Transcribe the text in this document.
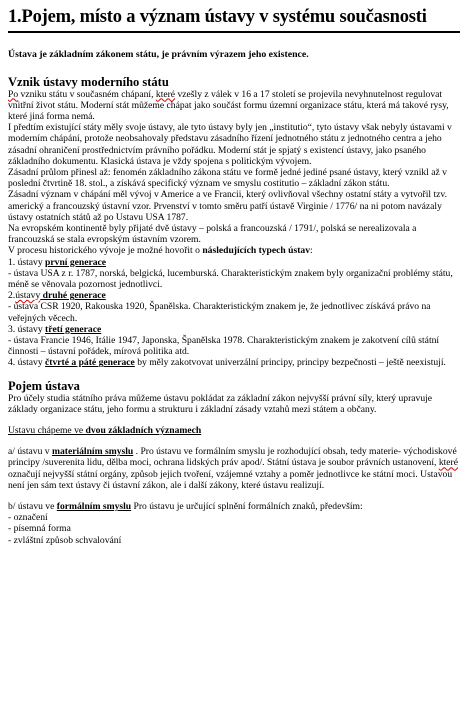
1.Pojem, místo a význam ústavy v systému současnosti

Ústava je základním zákonem státu, je právním výrazem jeho existence.

Vznik ústavy moderního státu

Po vzniku státu v současném chápaní, které vzešly z válek v 16 a 17 století se projevila nevyhnutelnost regulovat vnitřní život státu. Moderní stát můžeme chápat jako součást formu územní organizace státu, která má takové rysy, které jiná forma nemá.

I předtím existující státy měly svoje ústavy, ale tyto ústavy byly jen „institutio“, tyto ústavy však nebyly ústavami v moderním chápání, protože neobsahovaly představu zásadního řízení jednotného státu z jednotného centra a jeho zásadní ohraničení prostřednictvím právního pořádku. Moderní stát je spjatý s existencí ústavy, jako psaného základního dokumentu. Klasická ústava je vždy spojena s politickým vývojem.

Zásadní průlom přinesl až: fenomén základního zákona státu ve formě jedné jediné psané ústavy, který vznikl až v poslední čtvrtině 18. stol., a získává specifický význam ve smyslu costitutio – základní zákon státu.

Zásadní význam v chápání měl vývoj v Americe a ve Francii, který ovlivňoval všechny ostatní státy a vytvořil tzv. americký a francouzský ústavní vzor. Prvenství v tomto směru patří ústavě Virginie / 1776/ na ni potom navázaly ústavy ostatních států až po Ustavu USA 1787.

Na evropském kontinentě byly přijaté dvě ústavy – polská a francouzská / 1791/, polská se nerealizovala a francouzská se stala evropským ústavním vzorem.

V procesu historického vývoje je možné hovořit o následujících typech ústav:

1. ústavy první generace

- ústava USA z r. 1787, norská, belgická, lucemburská. Charakteristickým znakem byly organizační problémy státu, méně se věnovala pozornost jednotlivci.

2.ústavy druhé generace

- ústava CSR 1920, Rakouska 1920, Španělska. Charakteristickým znakem je, že jednotlivec získává právo na veřejných věcech.

3. ústavy třetí generace

- ústava Francie 1946, Itálie 1947, Japonska, Španělska 1978. Charakteristickým znakem je zakotvení cílů státní činnosti – ústavní pořádek, mírová politika atd.

4. ústavy čtvrté a páté generace by měly zakotvovat univerzální principy, principy bezpečnosti – ještě neexistují.

Pojem ústava

Pro účely studia státního práva můžeme ústavu pokládat za základní zákon nejvyšší právní síly, který upravuje základy organizace státu, jeho formu a strukturu i základní zásady vztahů mezi státem a občany.

Ustavu chápeme ve dvou základních významech

a/ ústavu v materiálním smyslu . Pro ústavu ve formálním smyslu je rozhodující obsah, tedy materie- východiskové principy /suverenita lidu, dělba moci, ochrana lidských práv apod/. Státní ústava je soubor právních ustanovení, které označují nejvyšší státní orgány, způsob jejich tvoření, vzájemné vztahy a poměr jednotlivce ke státní moci. Ustavou není jen sám text ústavy či ústavní zákon, ale i další zákony, které ústavu realizují.

b/ ústavu ve formálním smyslu Pro ústavu je určující splnění formálních znaků, především:

- označení

- písemná forma

- zvláštní způsob schvalování
